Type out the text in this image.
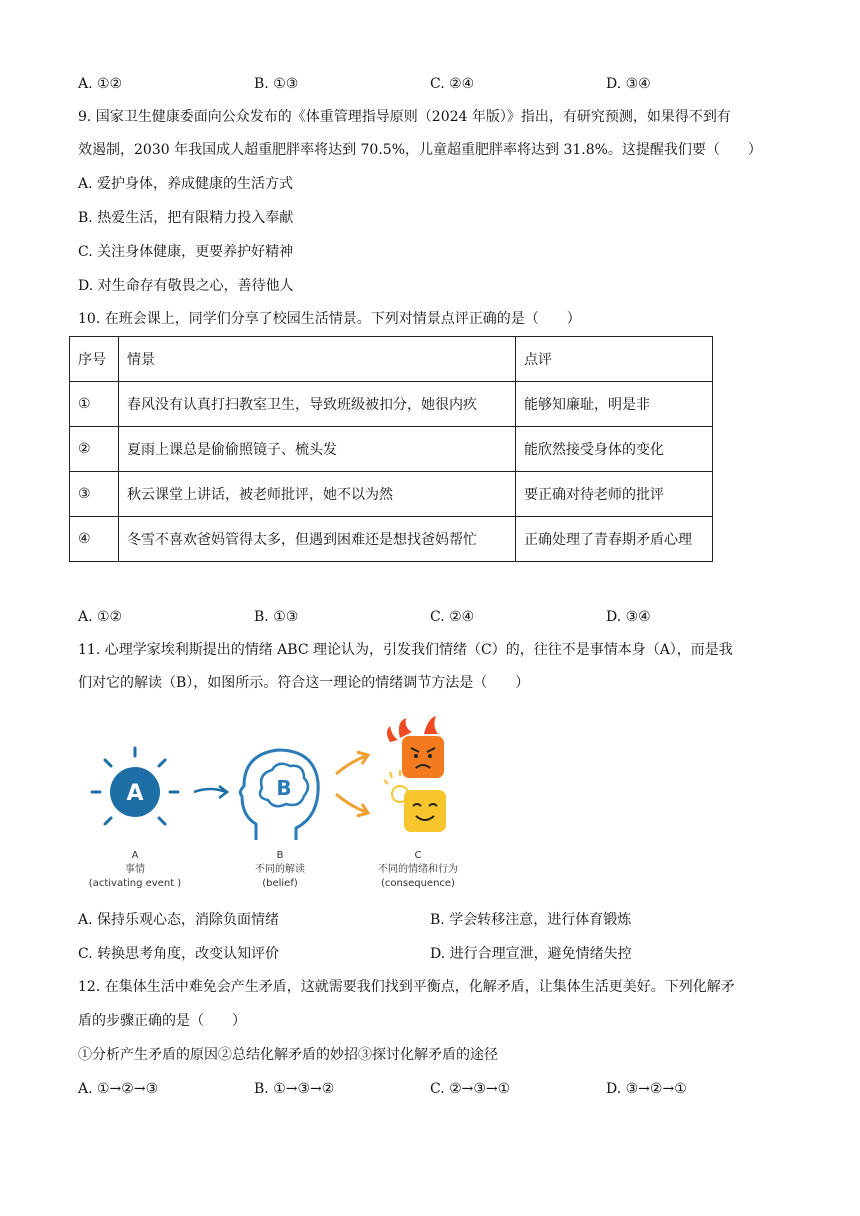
A. ①②	B. ①③	C. ②④	D. ③④
9. 国家卫生健康委面向公众发布的《体重管理指导原则（2024 年版）》指出，有研究预测，如果得不到有
效遏制，2030 年我国成人超重肥胖率将达到 70.5%，儿童超重肥胖率将达到 31.8%。这提醒我们要（　　）
A. 爱护身体，养成健康的生活方式
B. 热爱生活，把有限精力投入奉献
C. 关注身体健康，更要养护好精神
D. 对生命存有敬畏之心，善待他人
10. 在班会课上，同学们分享了校园生活情景。下列对情景点评正确的是（　　）
序号	情景	点评
①	春风没有认真打扫教室卫生，导致班级被扣分，她很内疚	能够知廉耻，明是非
②	夏雨上课总是偷偷照镜子、梳头发	能欣然接受身体的变化
③	秋云课堂上讲话，被老师批评，她不以为然	要正确对待老师的批评
④	冬雪不喜欢爸妈管得太多，但遇到困难还是想找爸妈帮忙	正确处理了青春期矛盾心理
A. ①②	B. ①③	C. ②④	D. ③④
11. 心理学家埃利斯提出的情绪 ABC 理论认为，引发我们情绪（C）的，往往不是事情本身（A），而是我
们对它的解读（B），如图所示。符合这一理论的情绪调节方法是（　　）
A	B
A
事情
(activating event )
B
不同的解读
(belief)
C
不同的情绪和行为
(consequence)
A. 保持乐观心态，消除负面情绪	B. 学会转移注意，进行体育锻炼
C. 转换思考角度，改变认知评价	D. 进行合理宣泄，避免情绪失控
12. 在集体生活中难免会产生矛盾，这就需要我们找到平衡点，化解矛盾，让集体生活更美好。下列化解矛
盾的步骤正确的是（　　）
①分析产生矛盾的原因②总结化解矛盾的妙招③探讨化解矛盾的途径
A. ①→②→③	B. ①→③→②	C. ②→③→①	D. ③→②→①
